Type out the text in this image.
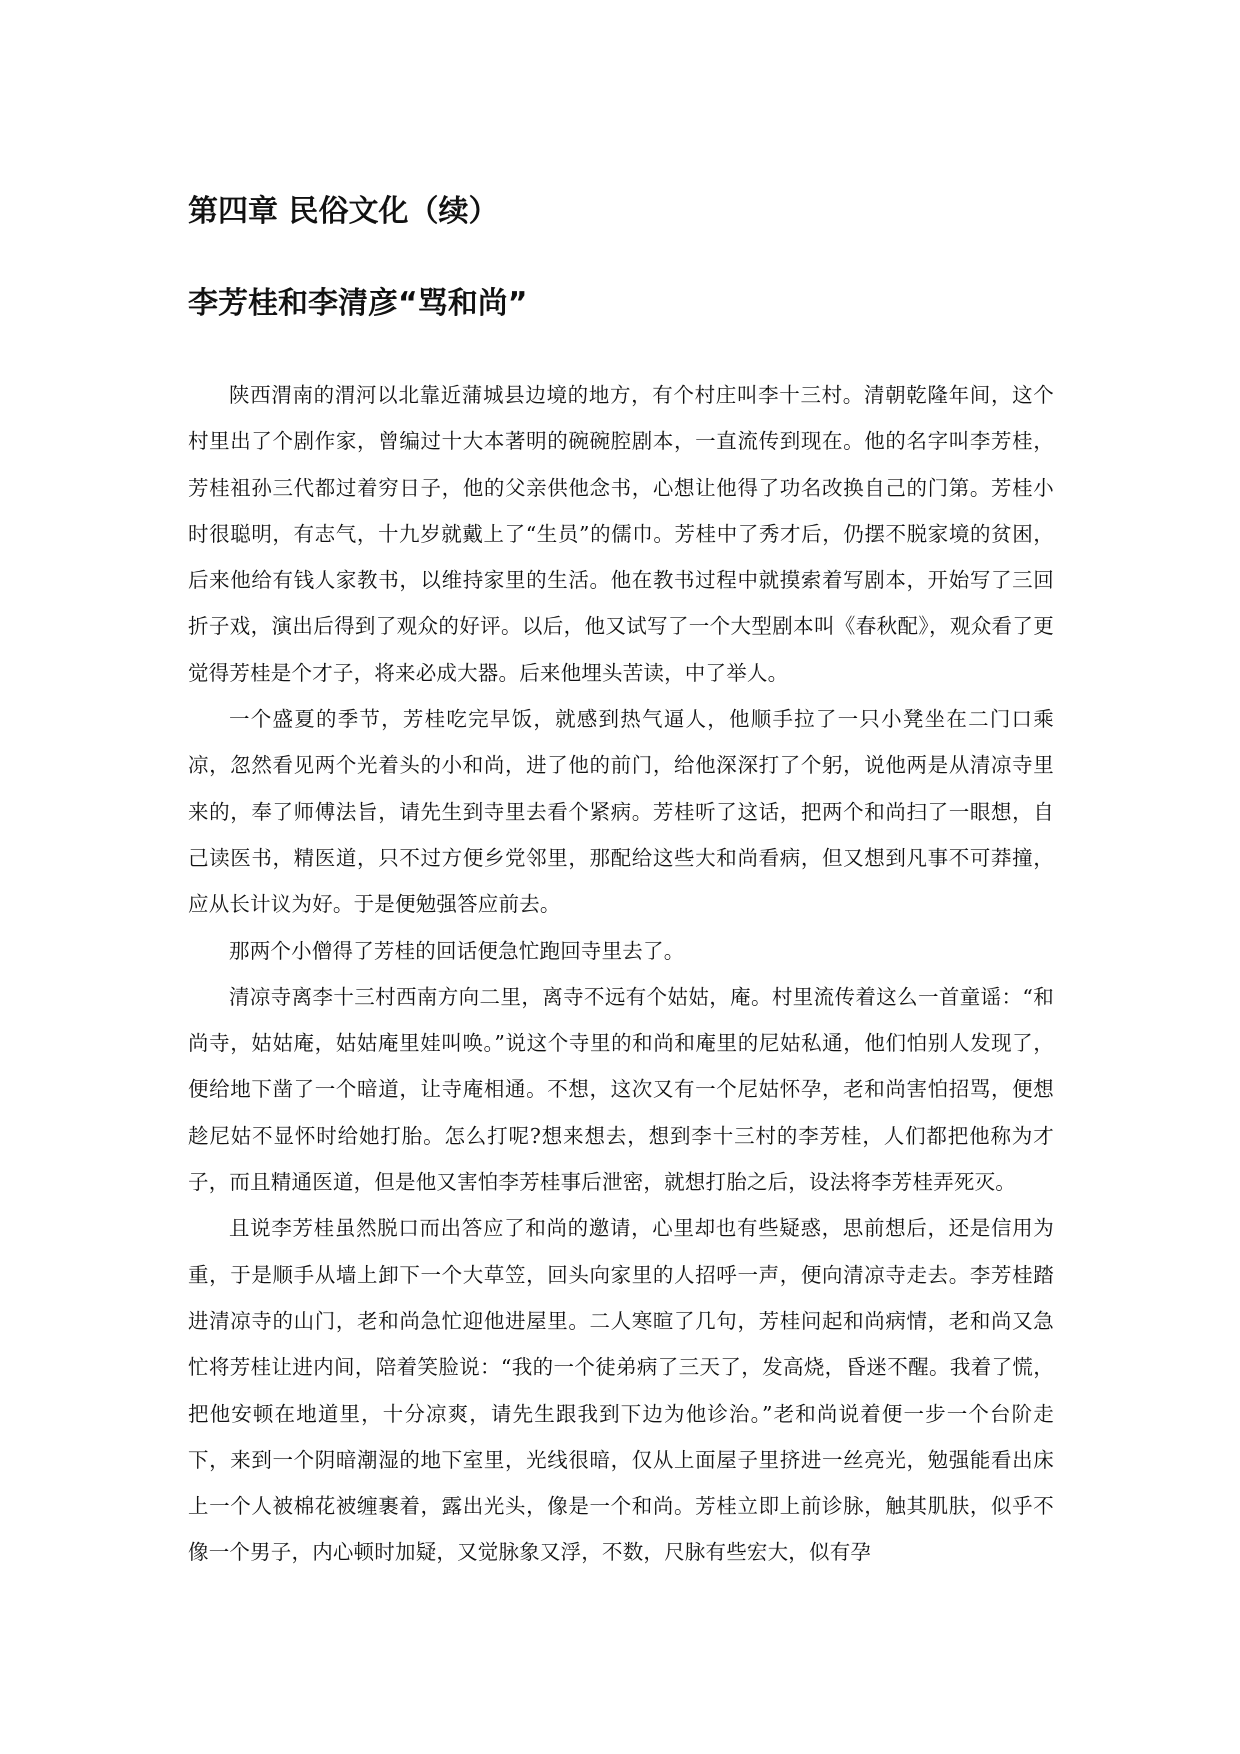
第四章 民俗文化（续）
李芳桂和李清彦“骂和尚”

陕西渭南的渭河以北靠近蒲城县边境的地方，有个村庄叫李十三村。清朝乾隆年间，这个村里出了个剧作家，曾编过十大本著明的碗碗腔剧本，一直流传到现在。他的名字叫李芳桂，芳桂祖孙三代都过着穷日子，他的父亲供他念书，心想让他得了功名改换自己的门第。芳桂小时很聪明，有志气，十九岁就戴上了“生员”的儒巾。芳桂中了秀才后，仍摆不脱家境的贫困，后来他给有钱人家教书，以维持家里的生活。他在教书过程中就摸索着写剧本，开始写了三回折子戏，演出后得到了观众的好评。以后，他又试写了一个大型剧本叫《春秋配》，观众看了更觉得芳桂是个才子，将来必成大器。后来他埋头苦读，中了举人。

一个盛夏的季节，芳桂吃完早饭，就感到热气逼人，他顺手拉了一只小凳坐在二门口乘凉，忽然看见两个光着头的小和尚，进了他的前门，给他深深打了个躬，说他两是从清凉寺里来的，奉了师傅法旨，请先生到寺里去看个紧病。芳桂听了这话，把两个和尚扫了一眼想，自己读医书，精医道，只不过方便乡党邻里，那配给这些大和尚看病，但又想到凡事不可莽撞，应从长计议为好。于是便勉强答应前去。

那两个小僧得了芳桂的回话便急忙跑回寺里去了。

清凉寺离李十三村西南方向二里，离寺不远有个姑姑，庵。村里流传着这么一首童谣：“和尚寺，姑姑庵，姑姑庵里娃叫唤。”说这个寺里的和尚和庵里的尼姑私通，他们怕别人发现了，便给地下凿了一个暗道，让寺庵相通。不想，这次又有一个尼姑怀孕，老和尚害怕招骂，便想趁尼姑不显怀时给她打胎。怎么打呢?想来想去，想到李十三村的李芳桂，人们都把他称为才子，而且精通医道，但是他又害怕李芳桂事后泄密，就想打胎之后，设法将李芳桂弄死灭。

且说李芳桂虽然脱口而出答应了和尚的邀请，心里却也有些疑惑，思前想后，还是信用为重，于是顺手从墙上卸下一个大草笠，回头向家里的人招呼一声，便向清凉寺走去。李芳桂踏进清凉寺的山门，老和尚急忙迎他进屋里。二人寒暄了几句，芳桂问起和尚病情，老和尚又急忙将芳桂让进内间，陪着笑脸说：“我的一个徒弟病了三天了，发高烧，昏迷不醒。我着了慌，把他安顿在地道里，十分凉爽，请先生跟我到下边为他诊治。”老和尚说着便一步一个台阶走下，来到一个阴暗潮湿的地下室里，光线很暗，仅从上面屋子里挤进一丝亮光，勉强能看出床上一个人被棉花被缠裹着，露出光头，像是一个和尚。芳桂立即上前诊脉，触其肌肤，似乎不像一个男子，内心顿时加疑，又觉脉象又浮，不数，尺脉有些宏大，似有孕
